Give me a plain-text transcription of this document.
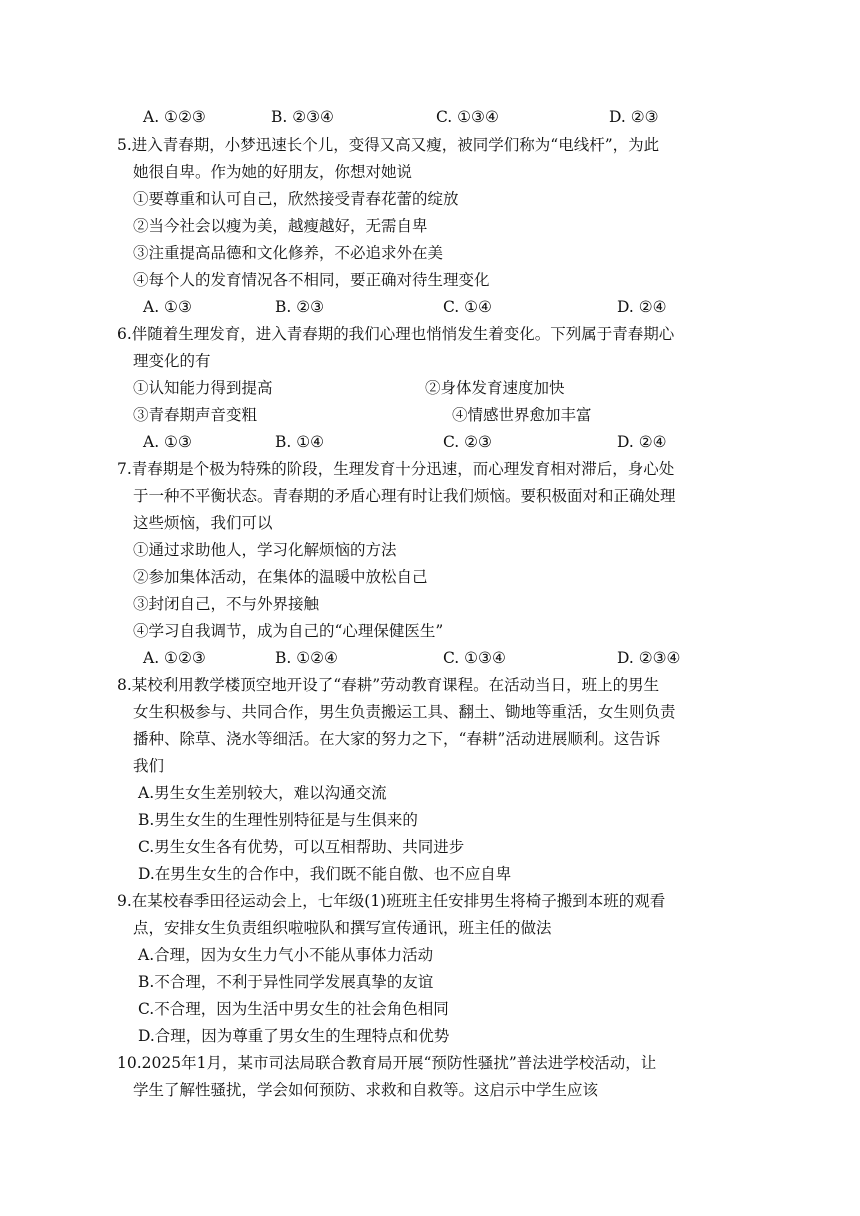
A. ①②③	B. ②③④	C. ①③④	D. ②③
5.进入青春期，小梦迅速长个儿，变得又高又瘦，被同学们称为“电线杆”，为此
她很自卑。作为她的好朋友，你想对她说
①要尊重和认可自己，欣然接受青春花蕾的绽放
②当今社会以瘦为美，越瘦越好，无需自卑
③注重提高品德和文化修养，不必追求外在美
④每个人的发育情况各不相同，要正确对待生理变化
A. ①③	B. ②③	C. ①④	D. ②④
6.伴随着生理发育，进入青春期的我们心理也悄悄发生着变化。下列属于青春期心
理变化的有
①认知能力得到提高	②身体发育速度加快
③青春期声音变粗	④情感世界愈加丰富
A. ①③	B. ①④	C. ②③	D. ②④
7.青春期是个极为特殊的阶段，生理发育十分迅速，而心理发育相对滞后，身心处
于一种不平衡状态。青春期的矛盾心理有时让我们烦恼。要积极面对和正确处理
这些烦恼，我们可以
①通过求助他人，学习化解烦恼的方法
②参加集体活动，在集体的温暖中放松自己
③封闭自己，不与外界接触
④学习自我调节，成为自己的“心理保健医生”
A. ①②③	B. ①②④	C. ①③④	D. ②③④
8.某校利用教学楼顶空地开设了“春耕”劳动教育课程。在活动当日，班上的男生
女生积极参与、共同合作，男生负责搬运工具、翻土、锄地等重活，女生则负责
播种、除草、浇水等细活。在大家的努力之下，“春耕”活动进展顺利。这告诉
我们
A.男生女生差别较大，难以沟通交流
B.男生女生的生理性别特征是与生俱来的
C.男生女生各有优势，可以互相帮助、共同进步
D.在男生女生的合作中，我们既不能自傲、也不应自卑
9.在某校春季田径运动会上，七年级(1)班班主任安排男生将椅子搬到本班的观看
点，安排女生负责组织啦啦队和撰写宣传通讯，班主任的做法
A.合理，因为女生力气小不能从事体力活动
B.不合理，不利于异性同学发展真挚的友谊
C.不合理，因为生活中男女生的社会角色相同
D.合理，因为尊重了男女生的生理特点和优势
10.2025年1月，某市司法局联合教育局开展“预防性骚扰”普法进学校活动，让
学生了解性骚扰，学会如何预防、求救和自救等。这启示中学生应该
